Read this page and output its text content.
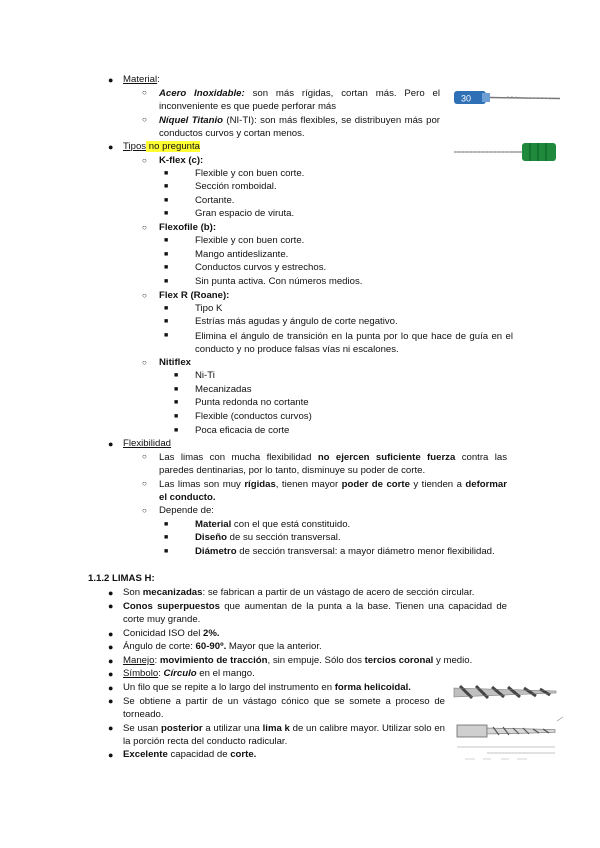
● Material:
○ Acero Inoxidable: son más rígidas, cortan más. Pero el inconveniente es que puede perforar más
○ Níquel Titanio (NI-TI): son más flexibles, se distribuyen más por conductos curvos y cortan menos.
30
● Tipos no pregunta
○ K-flex (c):
■	Flexible y con buen corte.
■	Sección romboidal.
■	Cortante.
■	Gran espacio de viruta.
○ Flexofile (b):
■	Flexible y con buen corte.
■	Mango antideslizante.
■	Conductos curvos y estrechos.
■	Sin punta activa. Con números medios.
○ Flex R (Roane):
■	Tipo K
■	Estrías más agudas y ángulo de corte negativo.
■	Elimina el ángulo de transición en la punta por lo que hace de guía en el conducto y no produce falsas vías ni escalones.
○ Nitiflex
■ Ni-Ti
■ Mecanizadas
■ Punta redonda no cortante
■ Flexible (conductos curvos)
■ Poca eficacia de corte
● Flexibilidad
○ Las limas con mucha flexibilidad no ejercen suficiente fuerza contra las paredes dentinarias, por lo tanto, disminuye su poder de corte.
○ Las limas son muy rígidas, tienen mayor poder de corte y tienden a deformar el conducto.
○ Depende de:
■	Material con el que está constituido.
■	Diseño de su sección transversal.
■	Diámetro de sección transversal: a mayor diámetro menor flexibilidad.
1.1.2 LIMAS H:
● Son mecanizadas: se fabrican a partir de un vástago de acero de sección circular.
● Conos superpuestos que aumentan de la punta a la base. Tienen una capacidad de corte muy grande.
● Conicidad ISO del 2%.
● Ángulo de corte: 60-90º. Mayor que la anterior.
● Manejo: movimiento de tracción, sin empuje. Sólo dos tercios coronal y medio.
● Símbolo: Círculo en el mango.
● Un filo que se repite a lo largo del instrumento en forma helicoidal.
● Se obtiene a partir de un vástago cónico que se somete a proceso de torneado.
● Se usan posterior a utilizar una lima k de un calibre mayor. Utilizar solo en la porción recta del conducto radicular.
● Excelente capacidad de corte.
